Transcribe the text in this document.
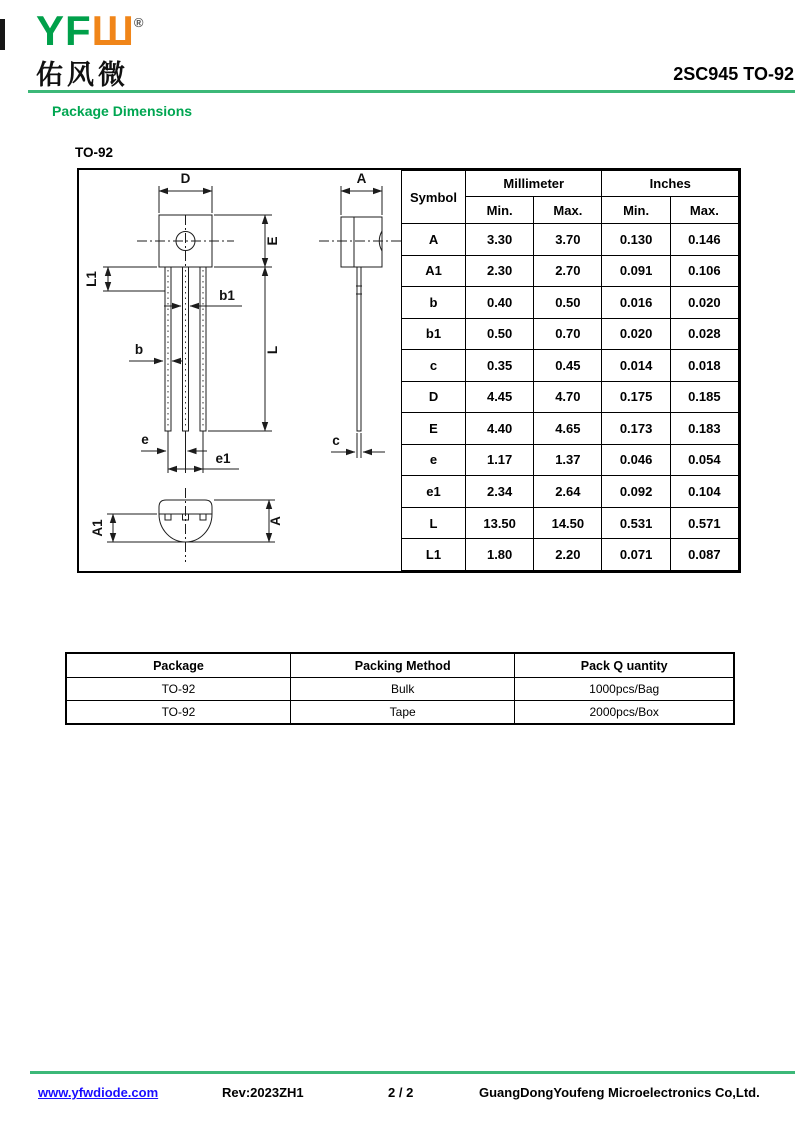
YFШ®
佑风微	2SC945 TO-92
Package Dimensions
TO-92
D
E
L
L1
b1
b
e
e1
A
c
A1	A
Symbol	Millimeter		Inches	
	Min.	Max.	Min.	Max.
A	3.30	3.70	0.130	0.146
A1	2.30	2.70	0.091	0.106
b	0.40	0.50	0.016	0.020
b1	0.50	0.70	0.020	0.028
c	0.35	0.45	0.014	0.018
D	4.45	4.70	0.175	0.185
E	4.40	4.65	0.173	0.183
e	1.17	1.37	0.046	0.054
e1	2.34	2.64	0.092	0.104
L	13.50	14.50	0.531	0.571
L1	1.80	2.20	0.071	0.087
Package	Packing Method	Pack Q uantity
TO-92	Bulk	1000pcs/Bag
TO-92	Tape	2000pcs/Box
www.yfwdiode.com	Rev:2023ZH1	2 / 2	GuangDongYoufeng Microelectronics Co,Ltd.
